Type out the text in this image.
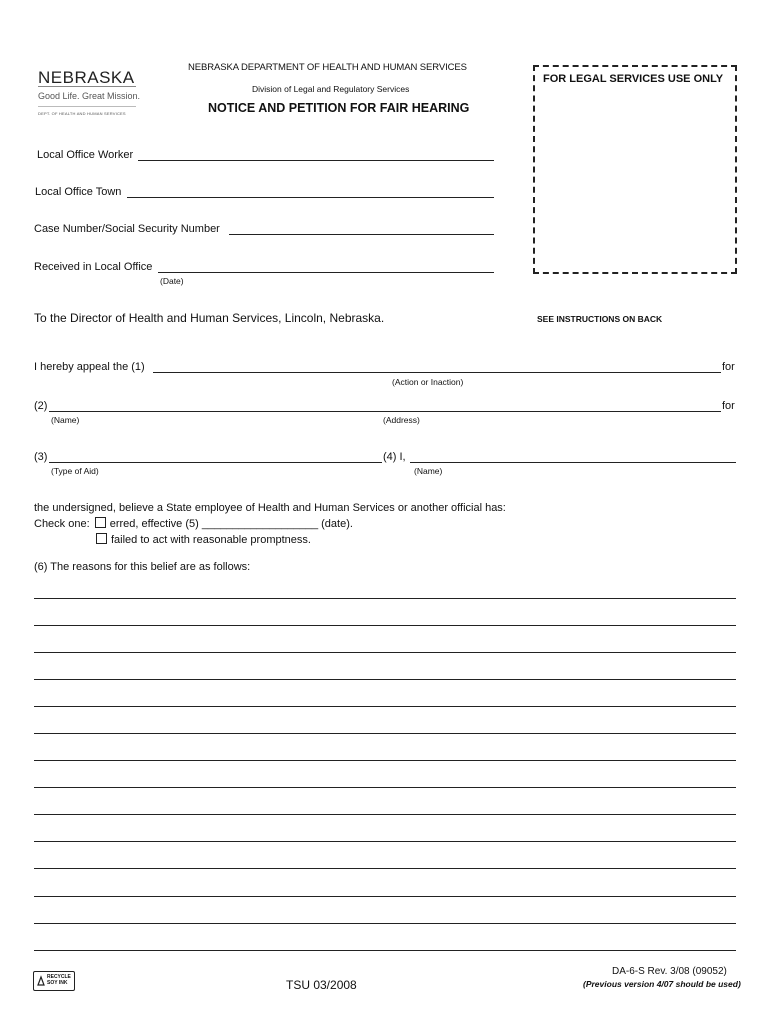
NEBRASKA
Good Life. Great Mission.
DEPT. OF HEALTH AND HUMAN SERVICES
NEBRASKA DEPARTMENT OF HEALTH AND HUMAN SERVICES
Division of Legal and Regulatory Services
NOTICE AND PETITION FOR FAIR HEARING
FOR LEGAL SERVICES USE ONLY
Local Office Worker
Local Office Town
Case Number/Social Security Number
Received in Local Office
(Date)
To the Director of Health and Human Services, Lincoln, Nebraska.	SEE INSTRUCTIONS ON BACK
I hereby appeal the (1)	for
(Action or Inaction)
(2)	for
(Name)	(Address)
(3)	(4) I,
(Type of Aid)	(Name)
the undersigned, believe a State employee of Health and Human Services or another official has:
Check one: erred, effective (5) ___________________ (date).
failed to act with reasonable promptness.
(6) The reasons for this belief are as follows:
RECYCLE SOY INK	TSU 03/2008
DA-6-S Rev. 3/08 (09052)
(Previous version 4/07 should be used)
